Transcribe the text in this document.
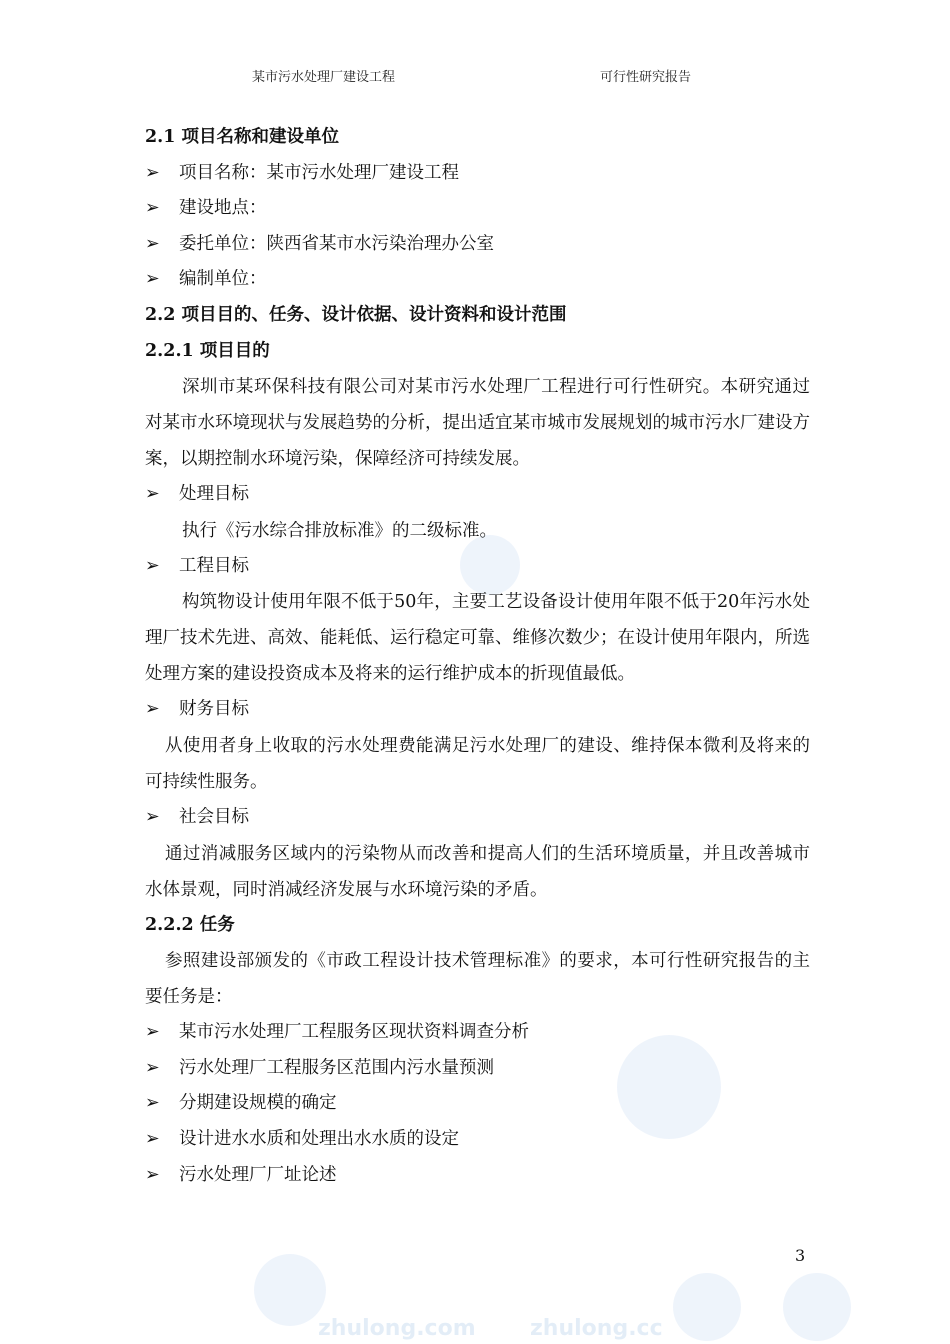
zhulong.com zhulong.cc
某市污水处理厂建设工程	可行性研究报告
2.1 项目名称和建设单位
➢ 项目名称：某市污水处理厂建设工程
➢ 建设地点：
➢ 委托单位：陕西省某市水污染治理办公室
➢ 编制单位：
2.2 项目目的、任务、设计依据、设计资料和设计范围
2.2.1 项目目的
深圳市某环保科技有限公司对某市污水处理厂工程进行可行性研究。本研究通过对某市水环境现状与发展趋势的分析，提出适宜某市城市发展规划的城市污水厂建设方案，以期控制水环境污染，保障经济可持续发展。
➢ 处理目标
执行《污水综合排放标准》的二级标准。
➢ 工程目标
构筑物设计使用年限不低于50年，主要工艺设备设计使用年限不低于20年污水处理厂技术先进、高效、能耗低、运行稳定可靠、维修次数少；在设计使用年限内，所选处理方案的建设投资成本及将来的运行维护成本的折现值最低。
➢ 财务目标
从使用者身上收取的污水处理费能满足污水处理厂的建设、维持保本微利及将来的可持续性服务。
➢ 社会目标
通过消减服务区域内的污染物从而改善和提高人们的生活环境质量，并且改善城市水体景观，同时消减经济发展与水环境污染的矛盾。
2.2.2 任务
参照建设部颁发的《市政工程设计技术管理标准》的要求，本可行性研究报告的主要任务是：
➢ 某市污水处理厂工程服务区现状资料调查分析
➢ 污水处理厂工程服务区范围内污水量预测
➢ 分期建设规模的确定
➢ 设计进水水质和处理出水水质的设定
➢ 污水处理厂厂址论述
3
